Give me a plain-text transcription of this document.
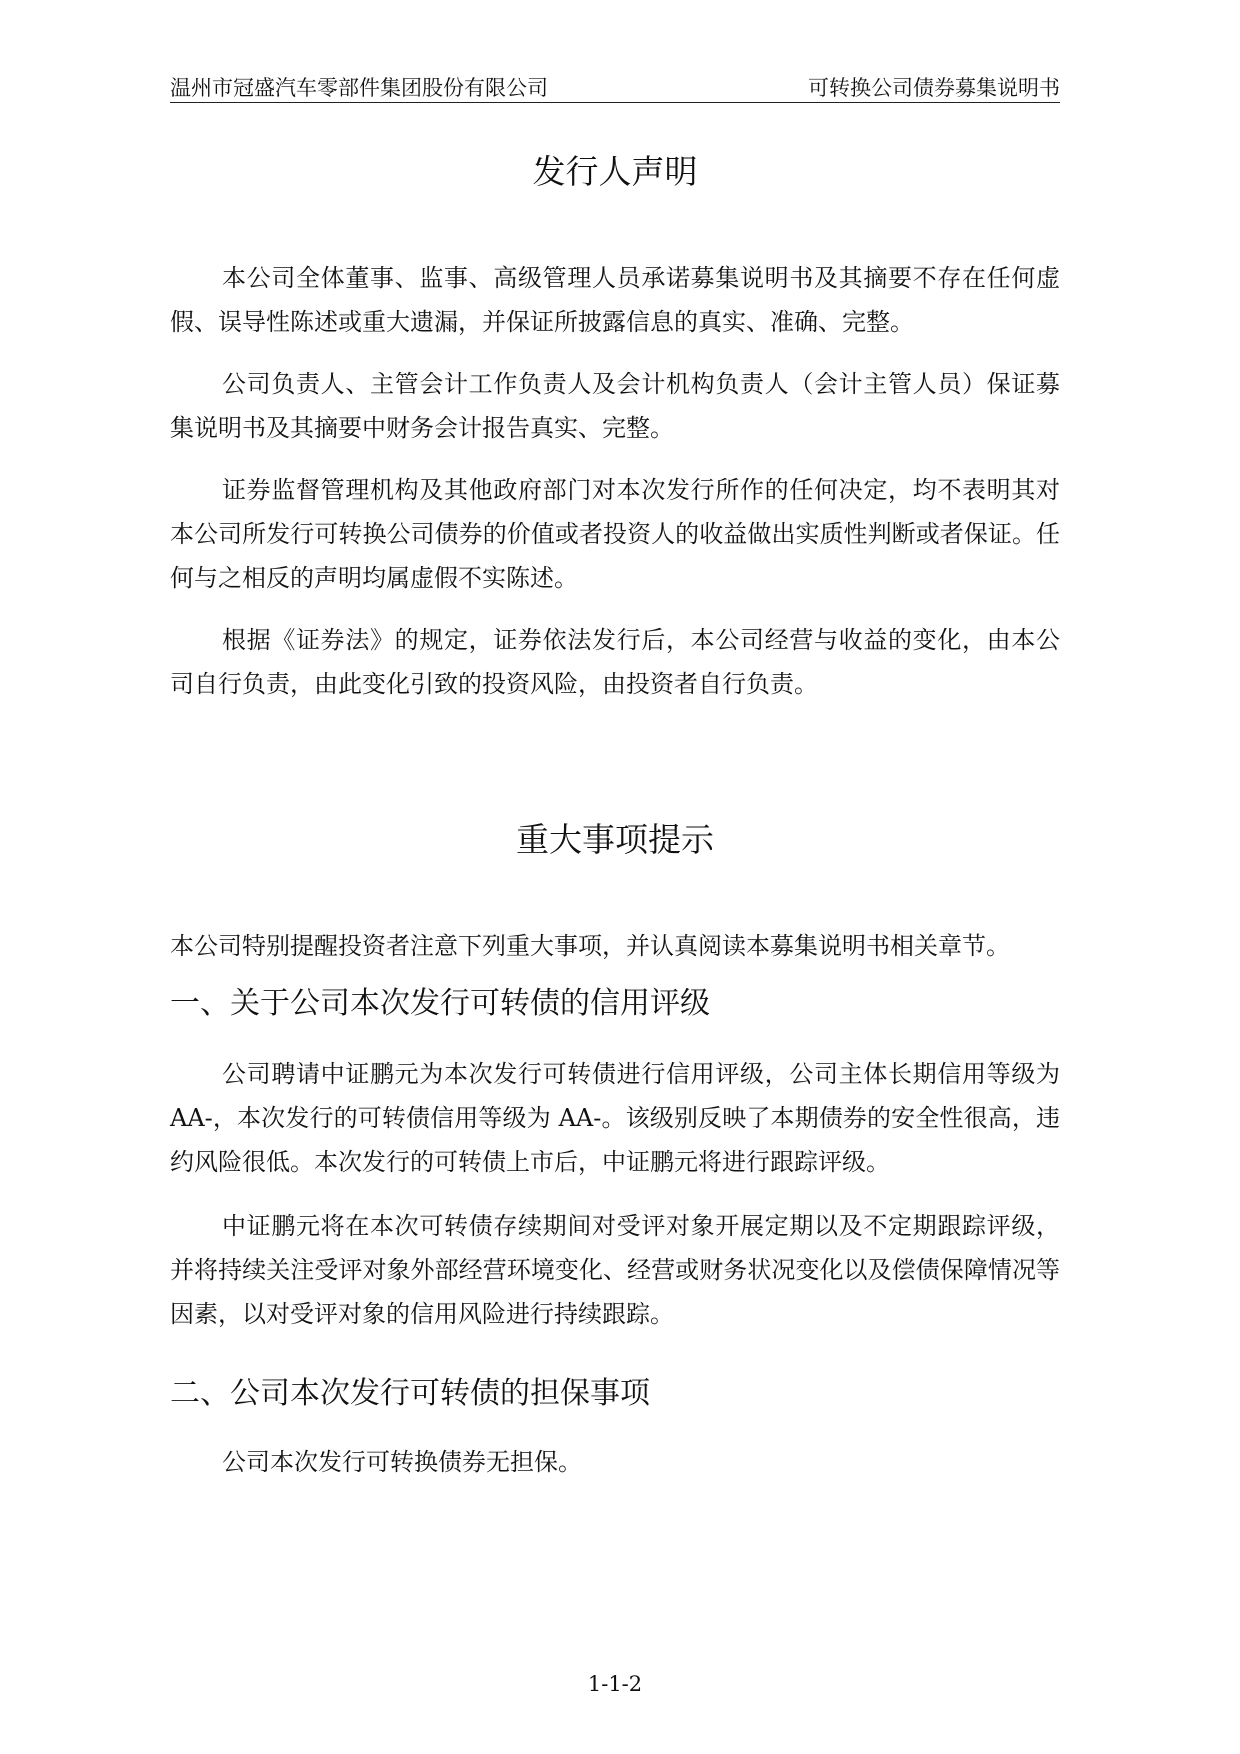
温州市冠盛汽车零部件集团股份有限公司	可转换公司债券募集说明书
发行人声明

本公司全体董事、监事、高级管理人员承诺募集说明书及其摘要不存在任何虚假、误导性陈述或重大遗漏，并保证所披露信息的真实、准确、完整。

公司负责人、主管会计工作负责人及会计机构负责人（会计主管人员）保证募集说明书及其摘要中财务会计报告真实、完整。

证券监督管理机构及其他政府部门对本次发行所作的任何决定，均不表明其对本公司所发行可转换公司债券的价值或者投资人的收益做出实质性判断或者保证。任何与之相反的声明均属虚假不实陈述。

根据《证券法》的规定，证券依法发行后，本公司经营与收益的变化，由本公司自行负责，由此变化引致的投资风险，由投资者自行负责。

重大事项提示

本公司特别提醒投资者注意下列重大事项，并认真阅读本募集说明书相关章节。

一、关于公司本次发行可转债的信用评级

公司聘请中证鹏元为本次发行可转债进行信用评级，公司主体长期信用等级为 AA-，本次发行的可转债信用等级为 AA-。该级别反映了本期债券的安全性很高，违约风险很低。本次发行的可转债上市后，中证鹏元将进行跟踪评级。

中证鹏元将在本次可转债存续期间对受评对象开展定期以及不定期跟踪评级，并将持续关注受评对象外部经营环境变化、经营或财务状况变化以及偿债保障情况等因素，以对受评对象的信用风险进行持续跟踪。

二、公司本次发行可转债的担保事项

公司本次发行可转换债券无担保。

1-1-2
